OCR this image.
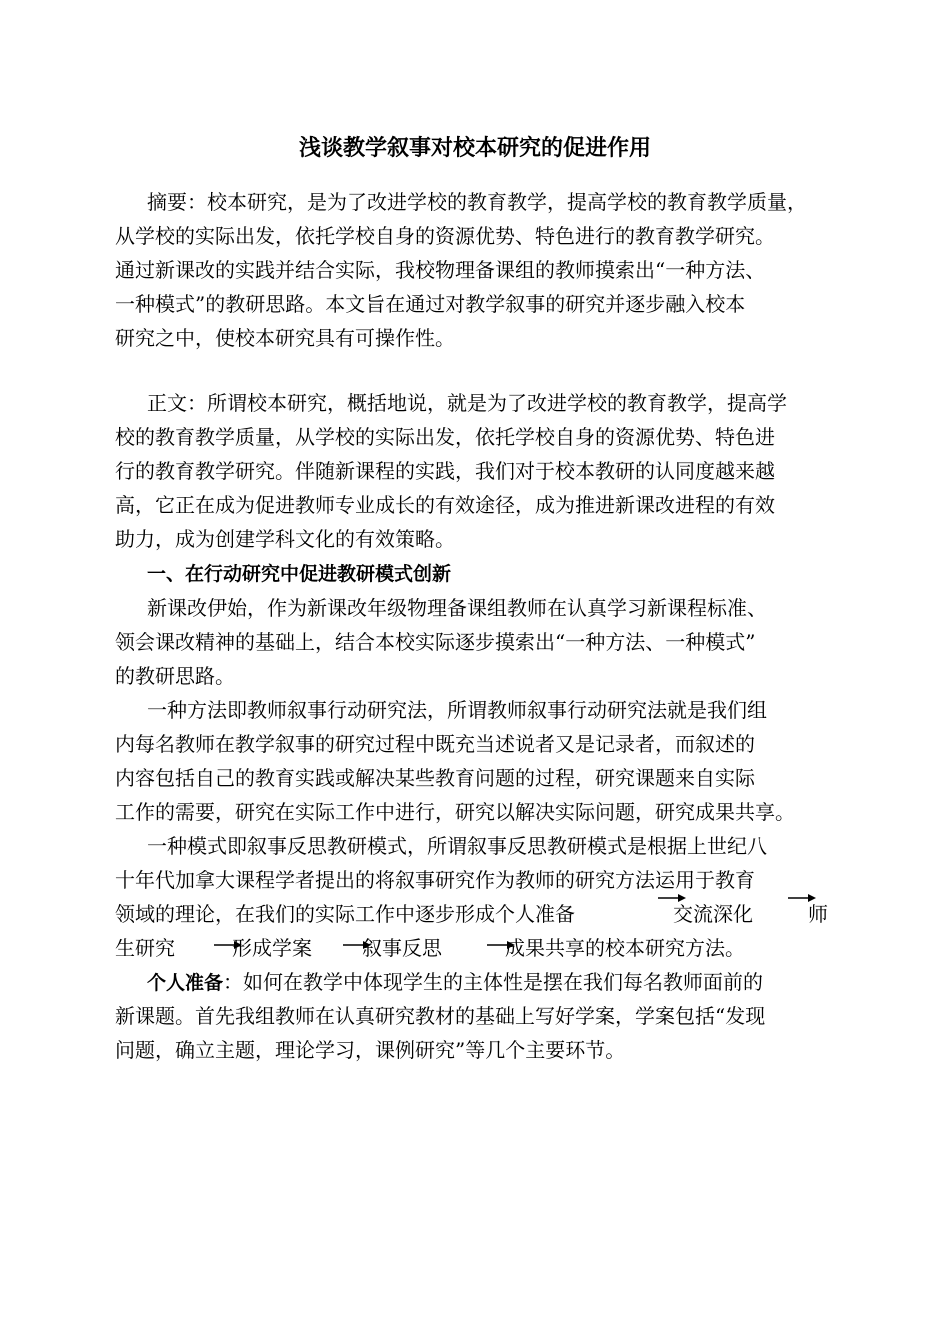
浅谈教学叙事对校本研究的促进作用
摘要：校本研究，是为了改进学校的教育教学，提高学校的教育教学质量，
从学校的实际出发，依托学校自身的资源优势、特色进行的教育教学研究。
通过新课改的实践并结合实际，我校物理备课组的教师摸索出“一种方法、
一种模式”的教研思路。本文旨在通过对教学叙事的研究并逐步融入校本
研究之中，使校本研究具有可操作性。
正文：所谓校本研究，概括地说，就是为了改进学校的教育教学，提高学
校的教育教学质量，从学校的实际出发，依托学校自身的资源优势、特色进
行的教育教学研究。伴随新课程的实践，我们对于校本教研的认同度越来越
高，它正在成为促进教师专业成长的有效途径，成为推进新课改进程的有效
助力，成为创建学科文化的有效策略。
一、在行动研究中促进教研模式创新
新课改伊始，作为新课改年级物理备课组教师在认真学习新课程标准、
领会课改精神的基础上，结合本校实际逐步摸索出“一种方法、一种模式”
的教研思路。
一种方法即教师叙事行动研究法，所谓教师叙事行动研究法就是我们组
内每名教师在教学叙事的研究过程中既充当述说者又是记录者，而叙述的
内容包括自己的教育实践或解决某些教育问题的过程，研究课题来自实际
工作的需要，研究在实际工作中进行，研究以解决实际问题，研究成果共享。
一种模式即叙事反思教研模式，所谓叙事反思教研模式是根据上世纪八
十年代加拿大课程学者提出的将叙事研究作为教师的研究方法运用于教育
领域的理论，在我们的实际工作中逐步形成个人准备	交流深化	师
生研究	形成学案	叙事反思	成果共享的校本研究方法。
个人准备：如何在教学中体现学生的主体性是摆在我们每名教师面前的
新课题。首先我组教师在认真研究教材的基础上写好学案，学案包括“发现
问题，确立主题，理论学习，课例研究”等几个主要环节。
